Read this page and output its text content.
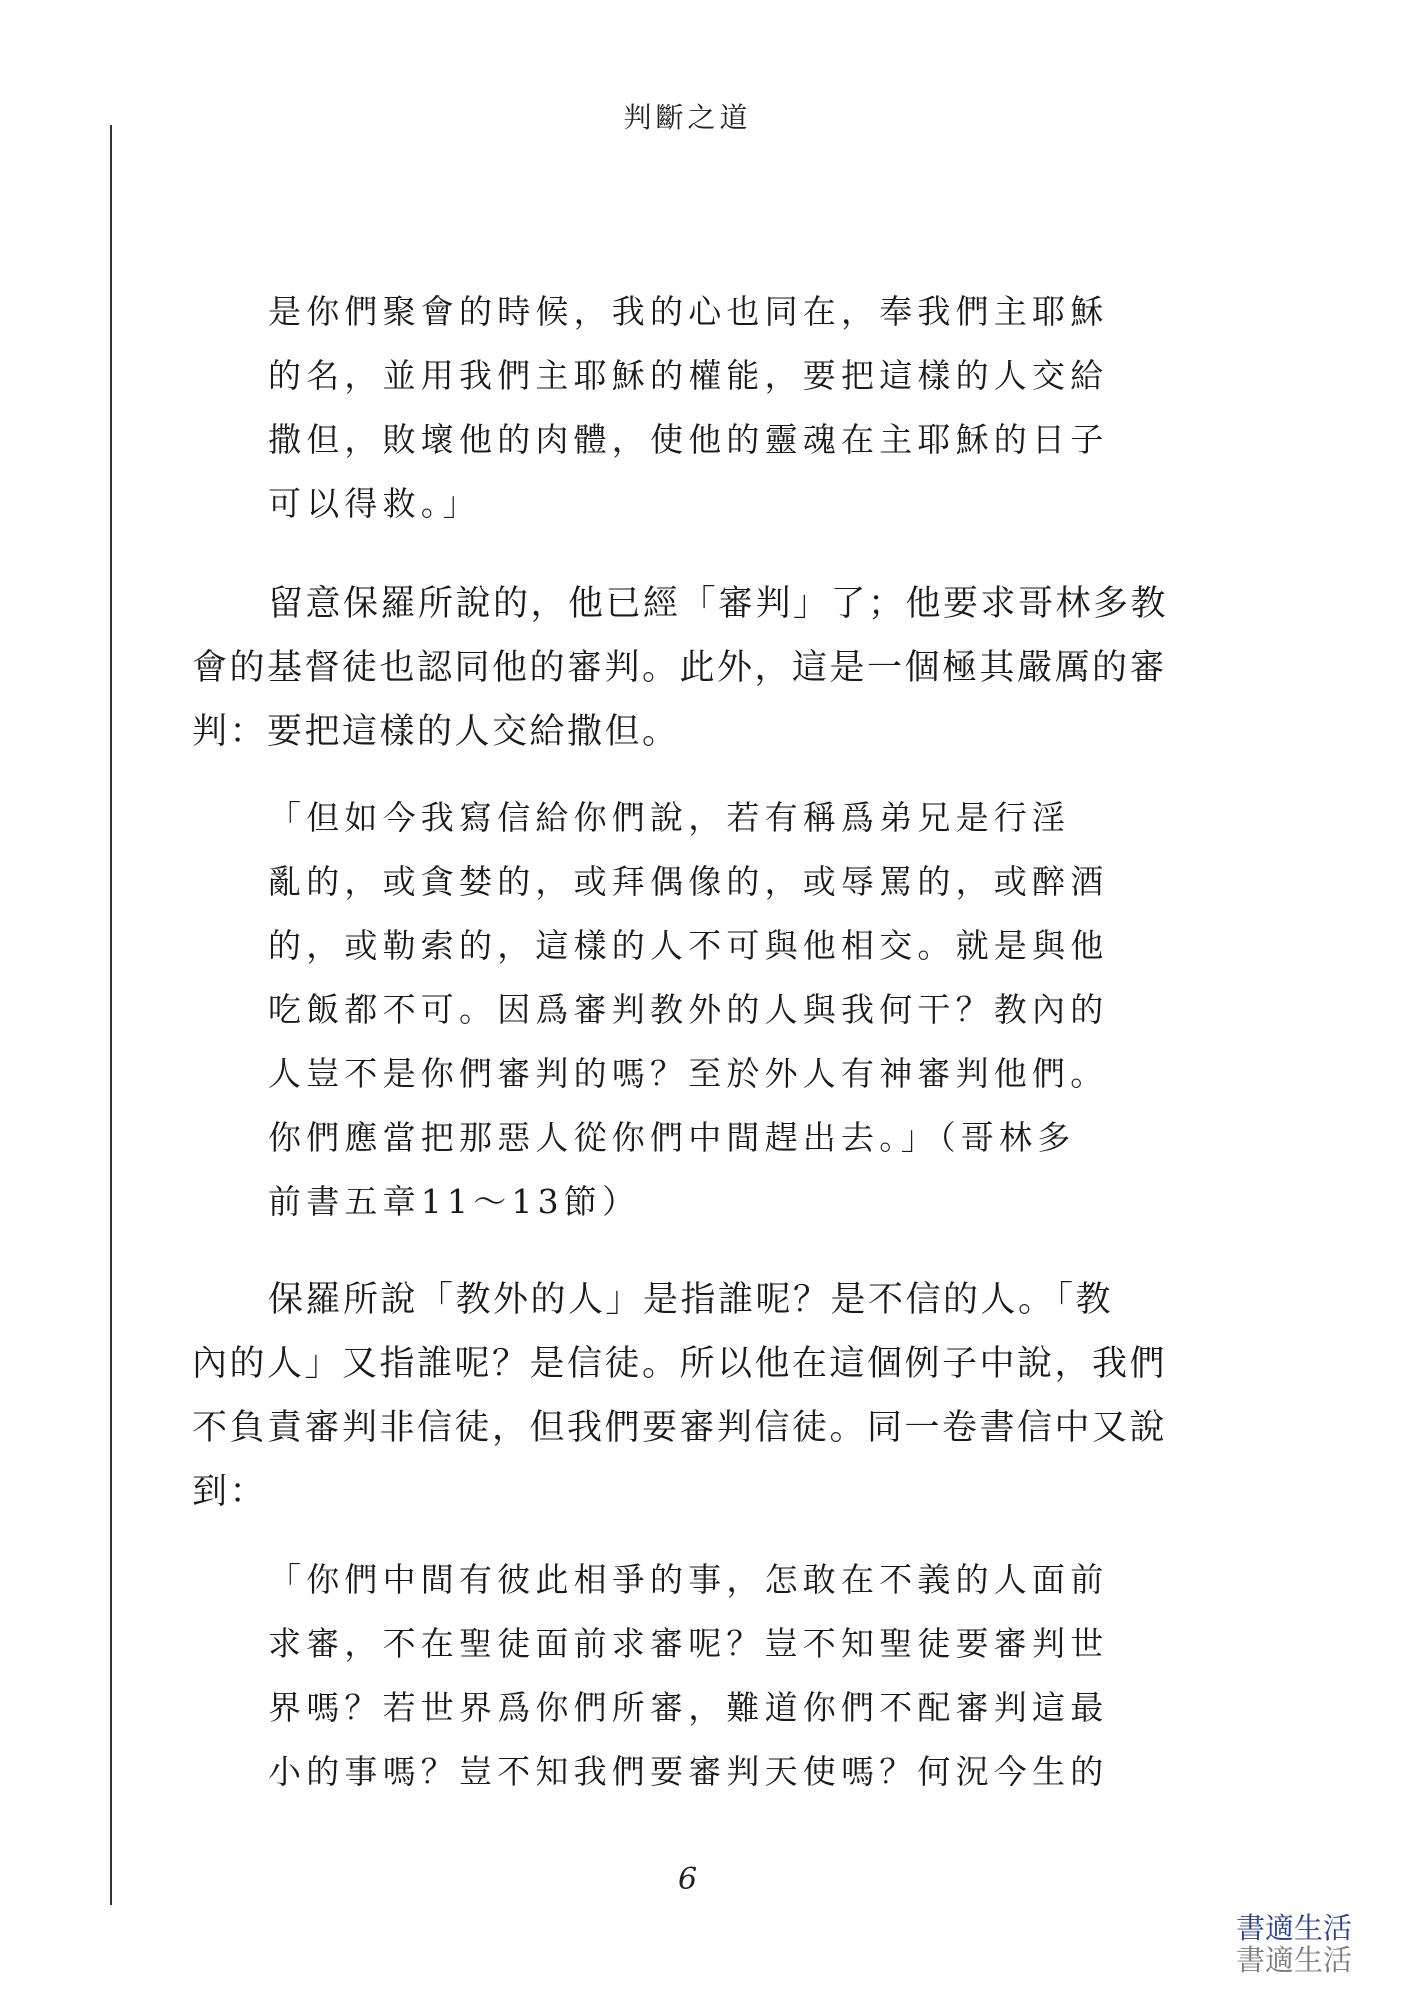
判斷之道
是你們聚會的時候，我的心也同在，奉我們主耶穌
的名，並用我們主耶穌的權能，要把這樣的人交給
撒但，敗壞他的肉體，使他的靈魂在主耶穌的日子
可以得救。」
留意保羅所說的，他已經「審判」了；他要求哥林多教
會的基督徒也認同他的審判。此外，這是一個極其嚴厲的審
判：要把這樣的人交給撒但。
「但如今我寫信給你們說，若有稱爲弟兄是行淫
亂的，或貪婪的，或拜偶像的，或辱罵的，或醉酒
的，或勒索的，這樣的人不可與他相交。就是與他
吃飯都不可。因爲審判教外的人與我何干？教內的
人豈不是你們審判的嗎？至於外人有神審判他們。
你們應當把那惡人從你們中間趕出去。」（哥林多
前書五章11～13節）
保羅所說「教外的人」是指誰呢？是不信的人。「教
內的人」又指誰呢？是信徒。所以他在這個例子中說，我們
不負責審判非信徒，但我們要審判信徒。同一卷書信中又說
到：
「你們中間有彼此相爭的事，怎敢在不義的人面前
求審，不在聖徒面前求審呢？豈不知聖徒要審判世
界嗎？若世界爲你們所審，難道你們不配審判這最
小的事嗎？豈不知我們要審判天使嗎？何況今生的
6
書適生活
書適生活
